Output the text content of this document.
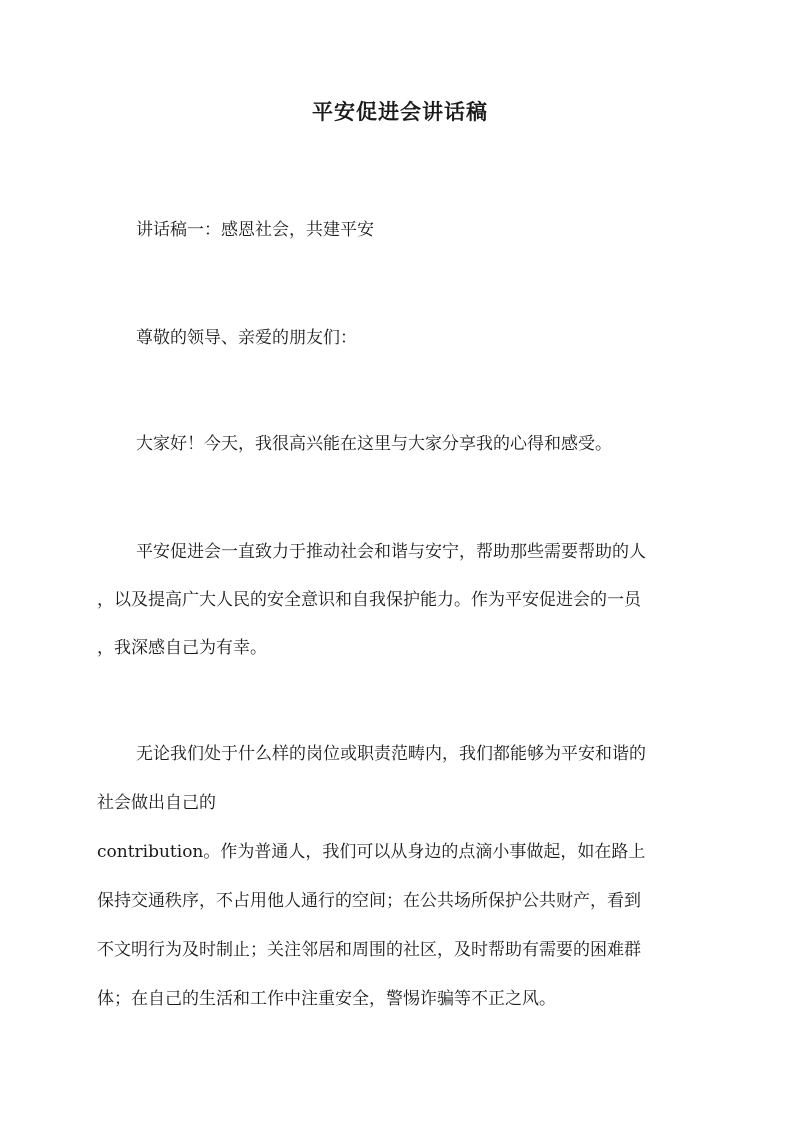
平安促进会讲话稿
讲话稿一：感恩社会，共建平安
尊敬的领导、亲爱的朋友们：
大家好！今天，我很高兴能在这里与大家分享我的心得和感受。
平安促进会一直致力于推动社会和谐与安宁，帮助那些需要帮助的人
，以及提高广大人民的安全意识和自我保护能力。作为平安促进会的一员
，我深感自己为有幸。
无论我们处于什么样的岗位或职责范畴内，我们都能够为平安和谐的
社会做出自己的
contribution。作为普通人，我们可以从身边的点滴小事做起，如在路上
保持交通秩序，不占用他人通行的空间；在公共场所保护公共财产，看到
不文明行为及时制止；关注邻居和周围的社区，及时帮助有需要的困难群
体；在自己的生活和工作中注重安全，警惕诈骗等不正之风。
